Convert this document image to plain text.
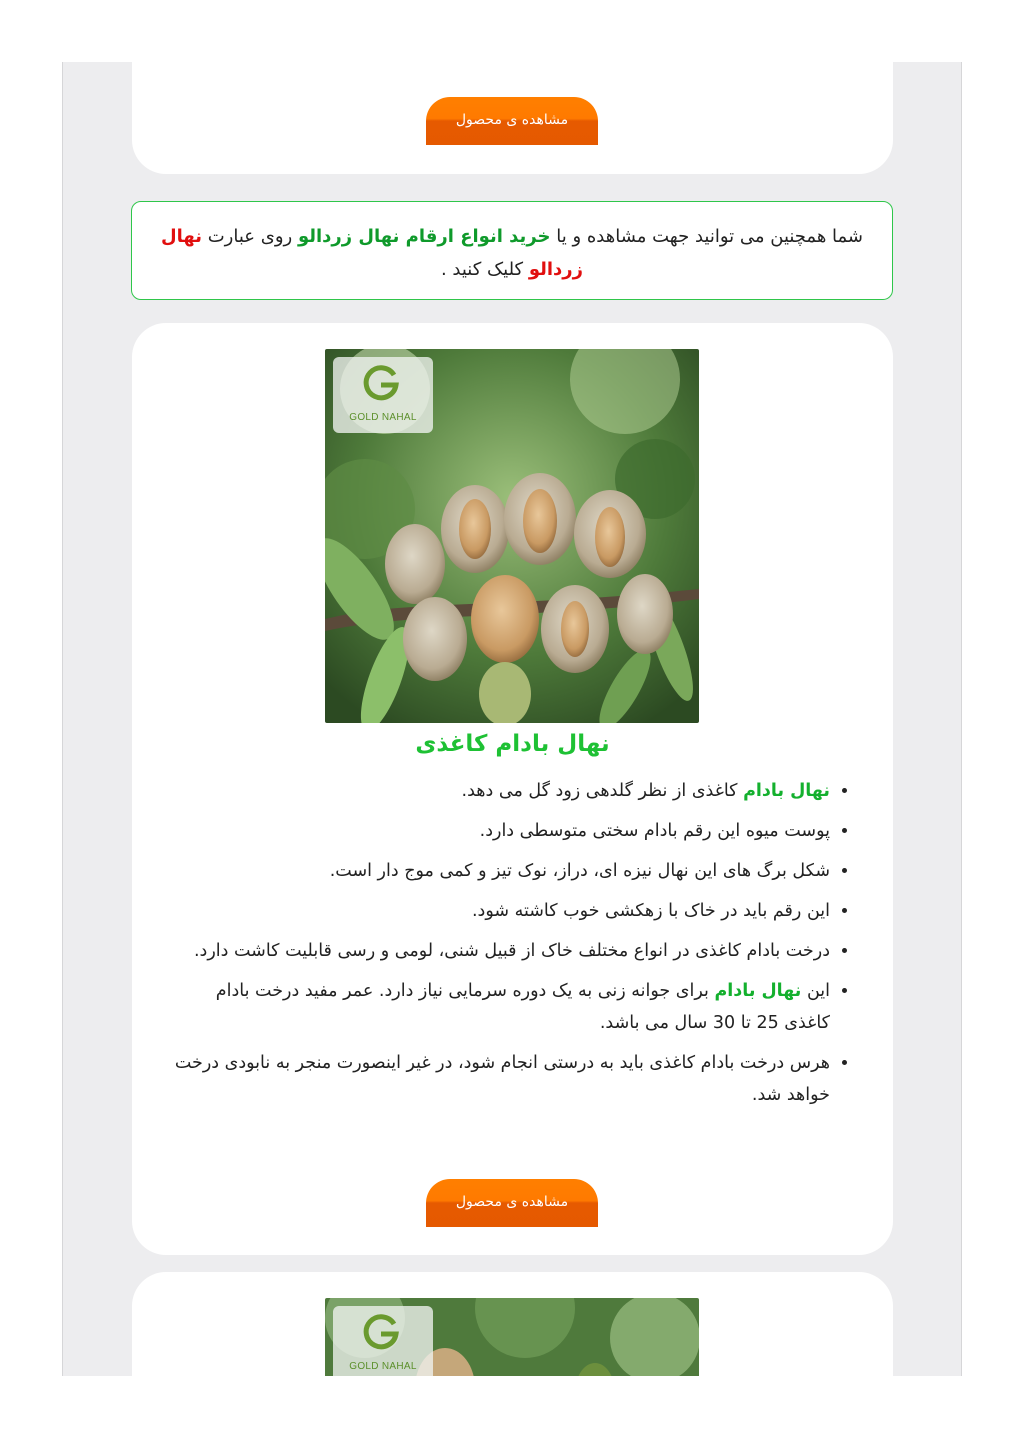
مشاهده ی محصول
شما همچنین می توانید جهت مشاهده و یا خرید انواع ارقام نهال زردالو روی عبارت نهال زردالو کلیک کنید .
GOLD NAHAL
نهال بادام کاغذی
• نهال بادام کاغذی از نظر گلدهی زود گل می دهد.
• پوست میوه این رقم بادام سختی متوسطی دارد.
• شکل برگ های این نهال نیزه ای، دراز، نوک تیز و کمی موج دار است.
• این رقم باید در خاک با زهکشی خوب کاشته شود.
• درخت بادام کاغذی در انواع مختلف خاک از قبیل شنی، لومی و رسی قابلیت کاشت دارد.
• این نهال بادام برای جوانه زنی به یک دوره سرمایی نیاز دارد. عمر مفید درخت بادام کاغذی 25 تا 30 سال می باشد.
• هرس درخت بادام کاغذی باید به درستی انجام شود، در غیر اینصورت منجر به نابودی درخت خواهد شد.
مشاهده ی محصول
GOLD NAHAL
